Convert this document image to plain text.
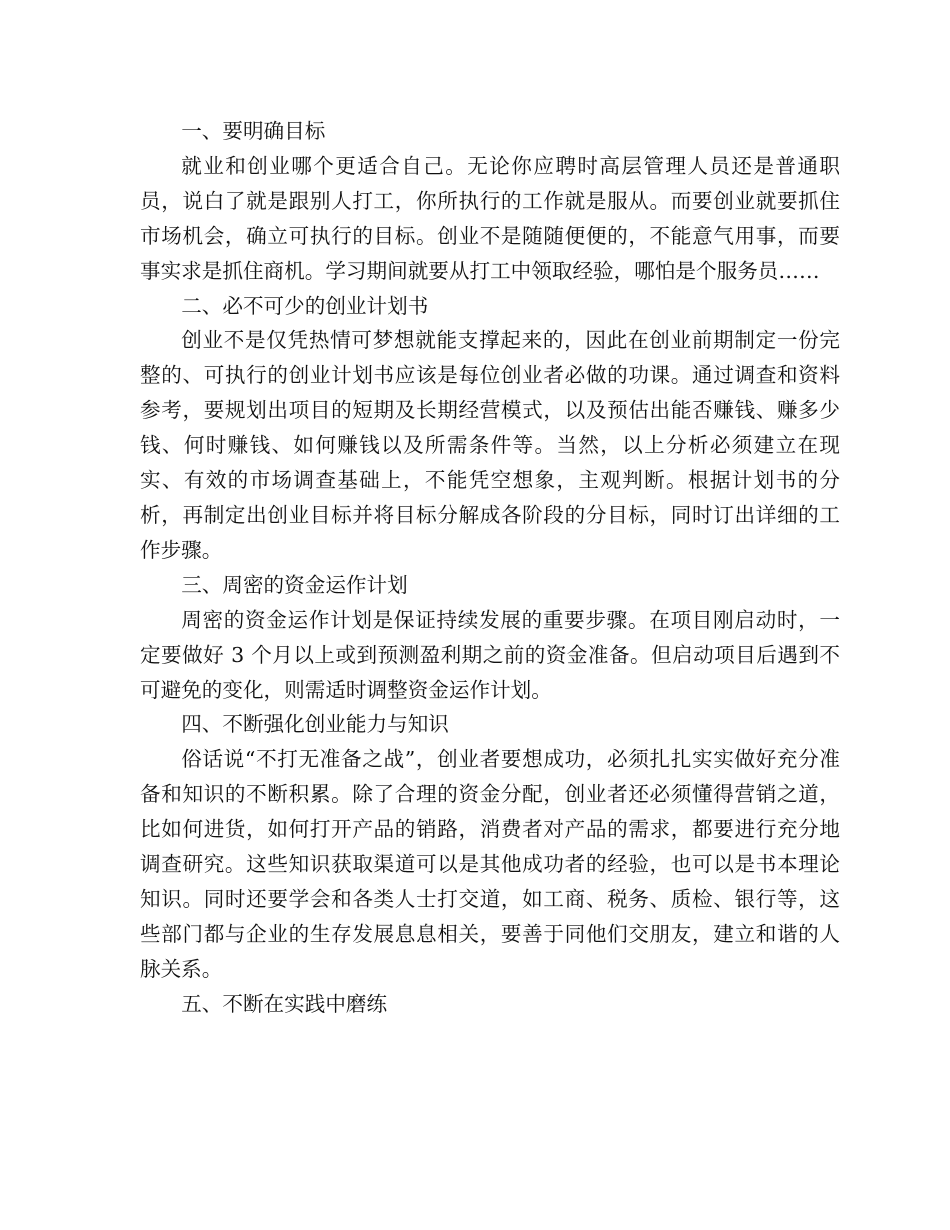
一、要明确目标

就业和创业哪个更适合自己。无论你应聘时高层管理人员还是普通职员，说白了就是跟别人打工，你所执行的工作就是服从。而要创业就要抓住市场机会，确立可执行的目标。创业不是随随便便的，不能意气用事，而要事实求是抓住商机。学习期间就要从打工中领取经验，哪怕是个服务员……

二、必不可少的创业计划书

创业不是仅凭热情可梦想就能支撑起来的，因此在创业前期制定一份完整的、可执行的创业计划书应该是每位创业者必做的功课。通过调查和资料参考，要规划出项目的短期及长期经营模式，以及预估出能否赚钱、赚多少钱、何时赚钱、如何赚钱以及所需条件等。当然，以上分析必须建立在现实、有效的市场调查基础上，不能凭空想象，主观判断。根据计划书的分析，再制定出创业目标并将目标分解成各阶段的分目标，同时订出详细的工作步骤。

三、周密的资金运作计划

周密的资金运作计划是保证持续发展的重要步骤。在项目刚启动时，一定要做好 3 个月以上或到预测盈利期之前的资金准备。但启动项目后遇到不可避免的变化，则需适时调整资金运作计划。

四、不断强化创业能力与知识

俗话说“不打无准备之战”，创业者要想成功，必须扎扎实实做好充分准备和知识的不断积累。除了合理的资金分配，创业者还必须懂得营销之道，比如何进货，如何打开产品的销路，消费者对产品的需求，都要进行充分地调查研究。这些知识获取渠道可以是其他成功者的经验，也可以是书本理论知识。同时还要学会和各类人士打交道，如工商、税务、质检、银行等，这些部门都与企业的生存发展息息相关，要善于同他们交朋友，建立和谐的人脉关系。

五、不断在实践中磨练
